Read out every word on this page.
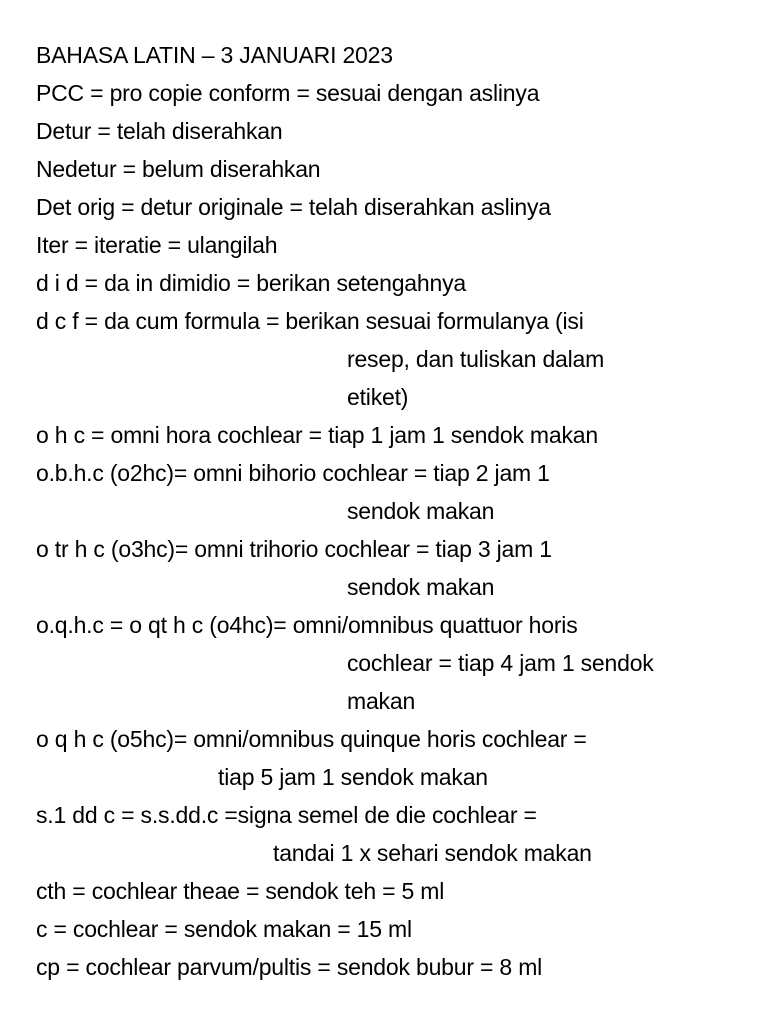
BAHASA LATIN – 3 JANUARI 2023
PCC = pro copie conform = sesuai dengan aslinya
Detur = telah diserahkan
Nedetur = belum diserahkan
Det orig = detur originale = telah diserahkan aslinya
Iter = iteratie = ulangilah
d i d = da in dimidio = berikan setengahnya
d c f = da cum formula = berikan sesuai formulanya (isi
resep, dan tuliskan dalam
etiket)
o h c = omni hora cochlear = tiap 1 jam 1 sendok makan
o.b.h.c (o2hc)= omni bihorio cochlear = tiap 2 jam 1
sendok makan
o tr h c (o3hc)= omni trihorio cochlear = tiap 3 jam 1
sendok makan
o.q.h.c = o qt h c (o4hc)= omni/omnibus quattuor horis
cochlear = tiap 4 jam 1 sendok
makan
o q h c (o5hc)= omni/omnibus quinque horis cochlear =
tiap 5 jam 1 sendok makan
s.1 dd c = s.s.dd.c =signa semel de die cochlear =
tandai 1 x sehari sendok makan
cth = cochlear theae = sendok teh = 5 ml
c = cochlear = sendok makan = 15 ml
cp = cochlear parvum/pultis = sendok bubur = 8 ml
